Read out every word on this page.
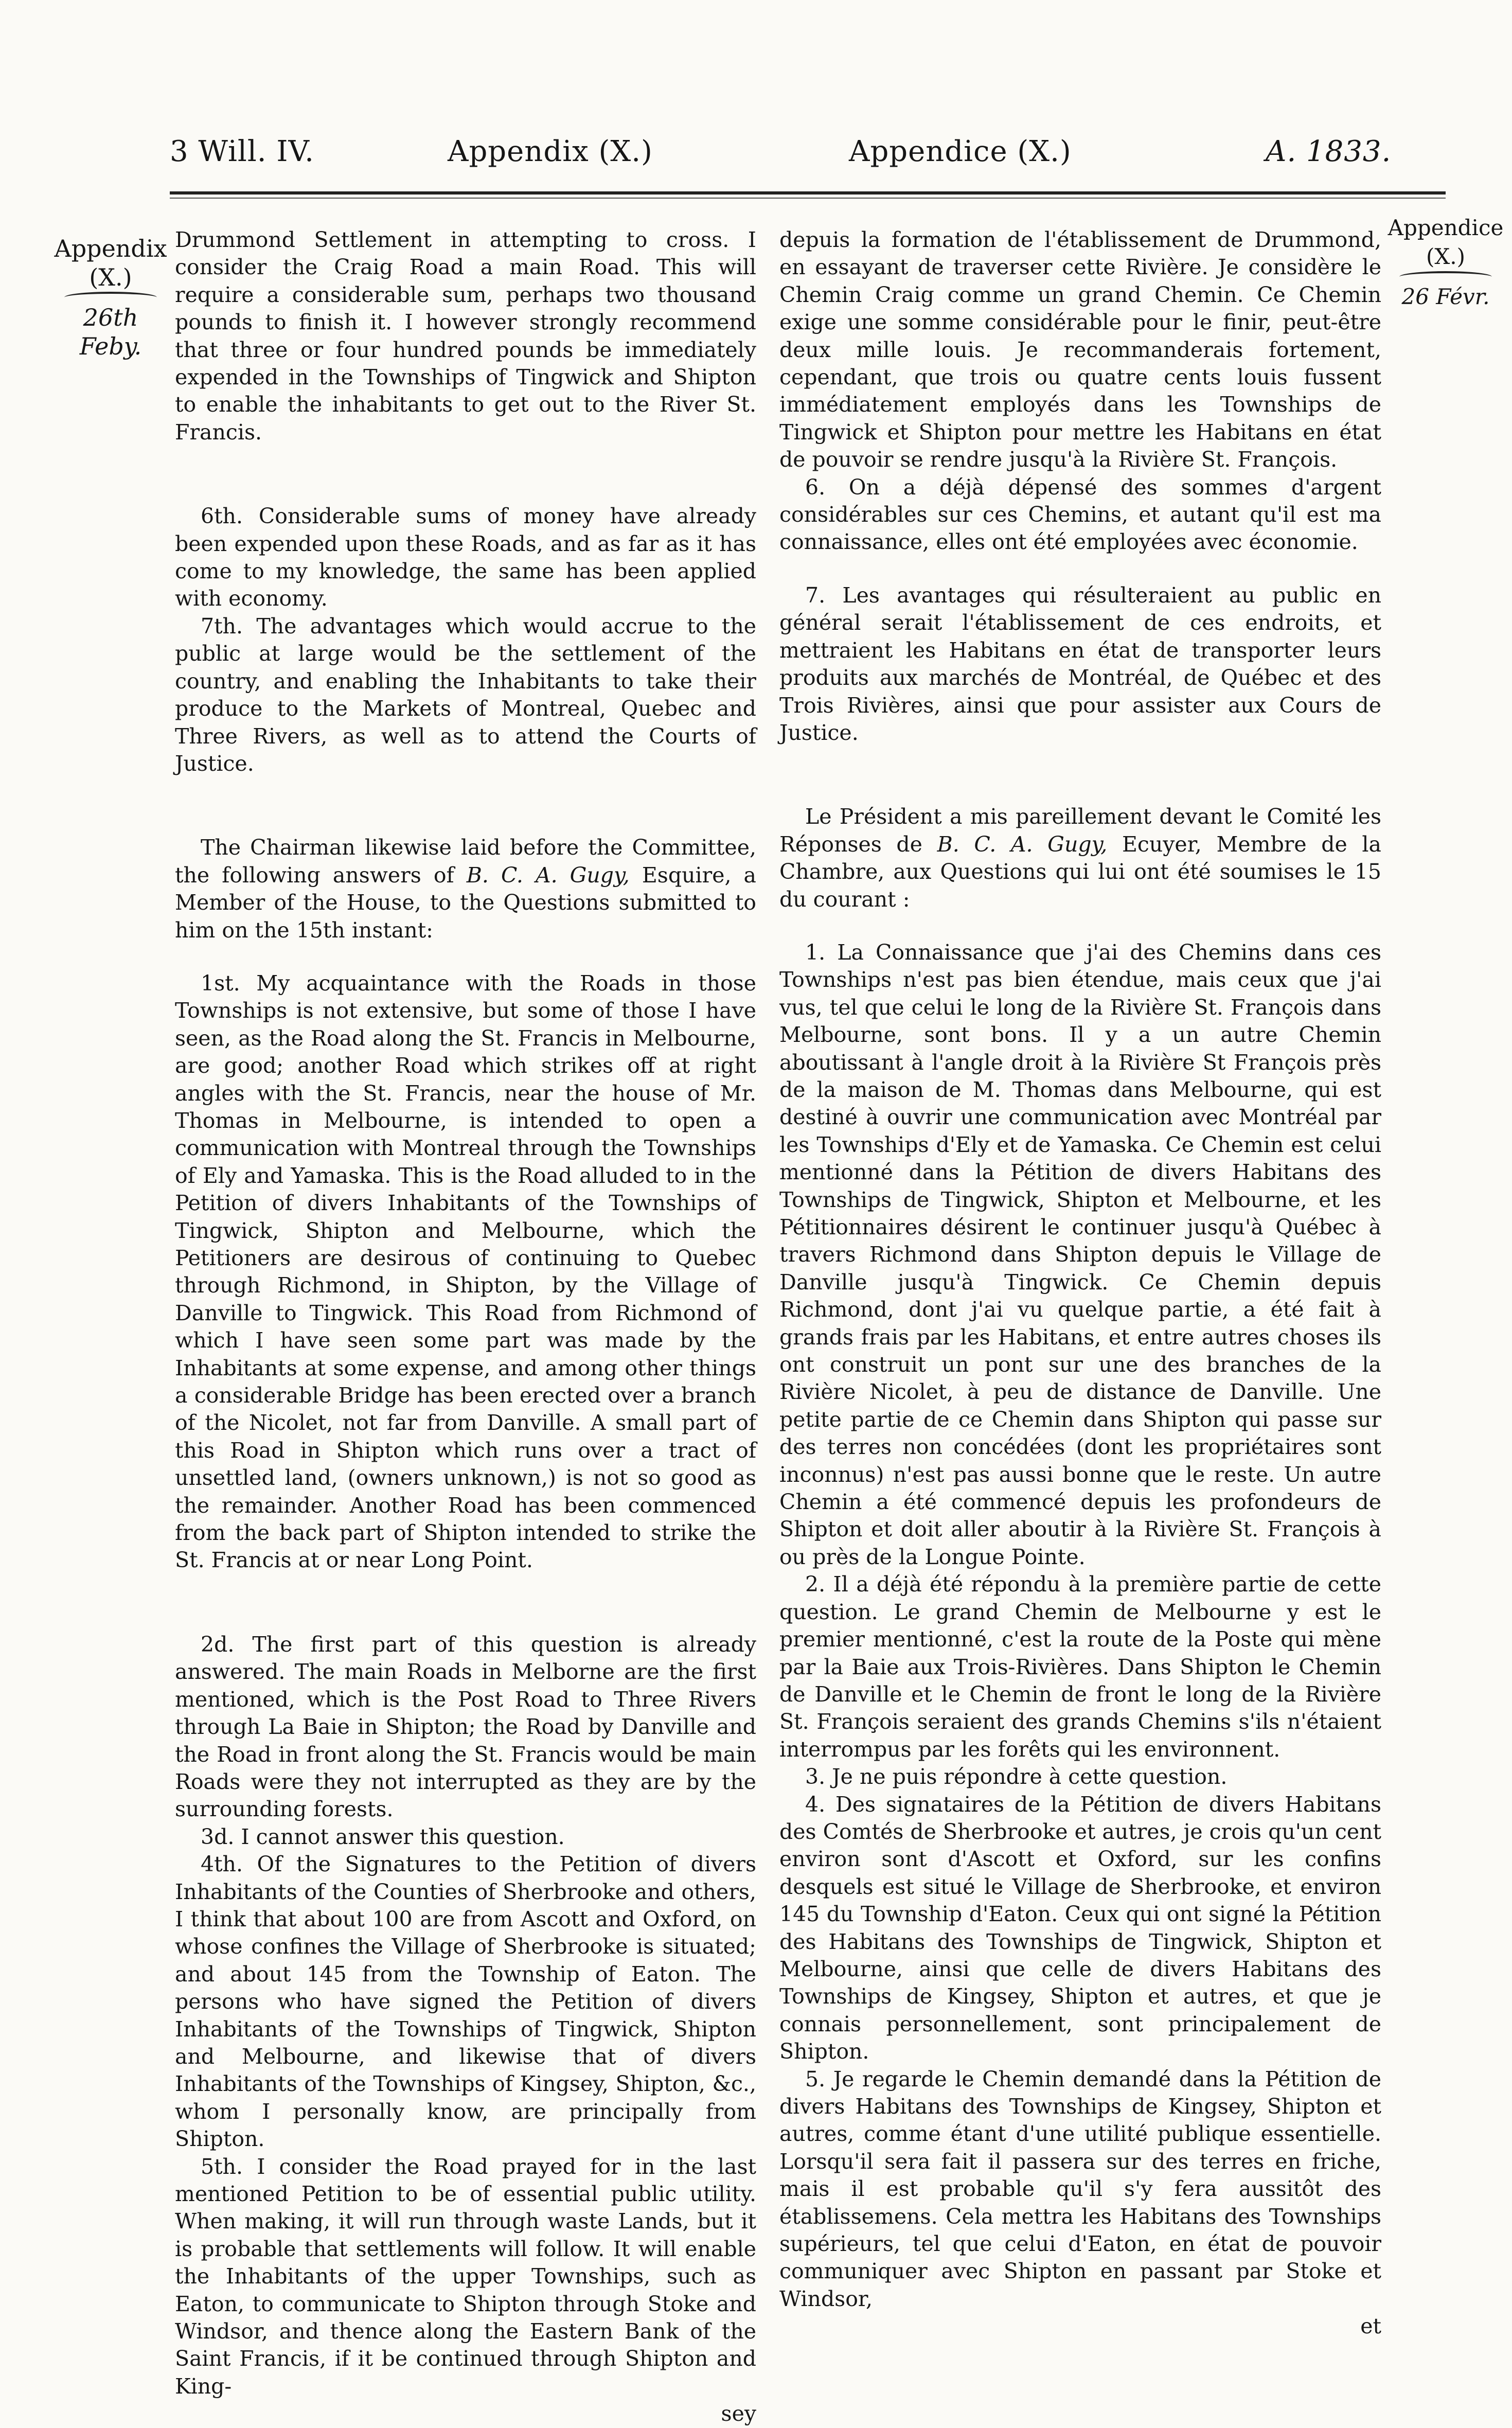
3 Will. IV.	Appendix (X.)	Appendice (X.)	A. 1833.
Appendix
(X.)
26th Feby.
Appendice
(X.)
26 Févr.

Drummond Settlement in attempting to cross. I consider the Craig Road a main Road. This will require a considerable sum, perhaps two thousand pounds to finish it. I however strongly recommend that three or four hundred pounds be immediately expended in the Townships of Tingwick and Shipton to enable the inhabitants to get out to the River St. Francis.

6th. Considerable sums of money have already been expended upon these Roads, and as far as it has come to my knowledge, the same has been applied with economy.

7th. The advantages which would accrue to the public at large would be the settlement of the country, and enabling the Inhabitants to take their produce to the Markets of Montreal, Quebec and Three Rivers, as well as to attend the Courts of Justice.

The Chairman likewise laid before the Committee, the following answers of B. C. A. Gugy, Esquire, a Member of the House, to the Questions submitted to him on the 15th instant:

1st. My acquaintance with the Roads in those Townships is not extensive, but some of those I have seen, as the Road along the St. Francis in Melbourne, are good; another Road which strikes off at right angles with the St. Francis, near the house of Mr. Thomas in Melbourne, is intended to open a communication with Montreal through the Townships of Ely and Yamaska. This is the Road alluded to in the Petition of divers Inhabitants of the Townships of Tingwick, Shipton and Melbourne, which the Petitioners are desirous of continuing to Quebec through Richmond, in Shipton, by the Village of Danville to Tingwick. This Road from Richmond of which I have seen some part was made by the Inhabitants at some expense, and among other things a considerable Bridge has been erected over a branch of the Nicolet, not far from Danville. A small part of this Road in Shipton which runs over a tract of unsettled land, (owners unknown,) is not so good as the remainder. Another Road has been commenced from the back part of Shipton intended to strike the St. Francis at or near Long Point.

2d. The first part of this question is already answered. The main Roads in Melborne are the first mentioned, which is the Post Road to Three Rivers through La Baie in Shipton; the Road by Danville and the Road in front along the St. Francis would be main Roads were they not interrupted as they are by the surrounding forests.

3d. I cannot answer this question.

4th. Of the Signatures to the Petition of divers Inhabitants of the Counties of Sherbrooke and others, I think that about 100 are from Ascott and Oxford, on whose confines the Village of Sherbrooke is situated; and about 145 from the Township of Eaton. The persons who have signed the Petition of divers Inhabitants of the Townships of Tingwick, Shipton and Melbourne, and likewise that of divers Inhabitants of the Townships of Kingsey, Shipton, &c., whom I personally know, are principally from Shipton.

5th. I consider the Road prayed for in the last mentioned Petition to be of essential public utility. When making, it will run through waste Lands, but it is probable that settlements will follow. It will enable the Inhabitants of the upper Townships, such as Eaton, to communicate to Shipton through Stoke and Windsor, and thence along the Eastern Bank of the Saint Francis, if it be continued through Shipton and King-

sey

depuis la formation de l'établissement de Drummond, en essayant de traverser cette Rivière. Je considère le Chemin Craig comme un grand Chemin. Ce Chemin exige une somme considérable pour le finir, peut-être deux mille louis. Je recommanderais fortement, cependant, que trois ou quatre cents louis fussent immédiatement employés dans les Townships de Tingwick et Shipton pour mettre les Habitans en état de pouvoir se rendre jusqu'à la Rivière St. François.

6. On a déjà dépensé des sommes d'argent considérables sur ces Chemins, et autant qu'il est ma connaissance, elles ont été employées avec économie.

7. Les avantages qui résulteraient au public en général serait l'établissement de ces endroits, et mettraient les Habitans en état de transporter leurs produits aux marchés de Montréal, de Québec et des Trois Rivières, ainsi que pour assister aux Cours de Justice.

Le Président a mis pareillement devant le Comité les Réponses de B. C. A. Gugy, Ecuyer, Membre de la Chambre, aux Questions qui lui ont été soumises le 15 du courant :

1. La Connaissance que j'ai des Chemins dans ces Townships n'est pas bien étendue, mais ceux que j'ai vus, tel que celui le long de la Rivière St. François dans Melbourne, sont bons. Il y a un autre Chemin aboutissant à l'angle droit à la Rivière St François près de la maison de M. Thomas dans Melbourne, qui est destiné à ouvrir une communication avec Montréal par les Townships d'Ely et de Yamaska. Ce Chemin est celui mentionné dans la Pétition de divers Habitans des Townships de Tingwick, Shipton et Melbourne, et les Pétitionnaires désirent le continuer jusqu'à Québec à travers Richmond dans Shipton depuis le Village de Danville jusqu'à Tingwick. Ce Chemin depuis Richmond, dont j'ai vu quelque partie, a été fait à grands frais par les Habitans, et entre autres choses ils ont construit un pont sur une des branches de la Rivière Nicolet, à peu de distance de Danville. Une petite partie de ce Chemin dans Shipton qui passe sur des terres non concédées (dont les propriétaires sont inconnus) n'est pas aussi bonne que le reste. Un autre Chemin a été commencé depuis les profondeurs de Shipton et doit aller aboutir à la Rivière St. François à ou près de la Longue Pointe.

2. Il a déjà été répondu à la première partie de cette question. Le grand Chemin de Melbourne y est le premier mentionné, c'est la route de la Poste qui mène par la Baie aux Trois-Rivières. Dans Shipton le Chemin de Danville et le Chemin de front le long de la Rivière St. François seraient des grands Chemins s'ils n'étaient interrompus par les forêts qui les environnent.

3. Je ne puis répondre à cette question.

4. Des signataires de la Pétition de divers Habitans des Comtés de Sherbrooke et autres, je crois qu'un cent environ sont d'Ascott et Oxford, sur les confins desquels est situé le Village de Sherbrooke, et environ 145 du Township d'Eaton. Ceux qui ont signé la Pétition des Habitans des Townships de Tingwick, Shipton et Melbourne, ainsi que celle de divers Habitans des Townships de Kingsey, Shipton et autres, et que je connais personnellement, sont principalement de Shipton.

5. Je regarde le Chemin demandé dans la Pétition de divers Habitans des Townships de Kingsey, Shipton et autres, comme étant d'une utilité publique essentielle. Lorsqu'il sera fait il passera sur des terres en friche, mais il est probable qu'il s'y fera aussitôt des établissemens. Cela mettra les Habitans des Townships supérieurs, tel que celui d'Eaton, en état de pouvoir communiquer avec Shipton en passant par Stoke et Windsor,

et
